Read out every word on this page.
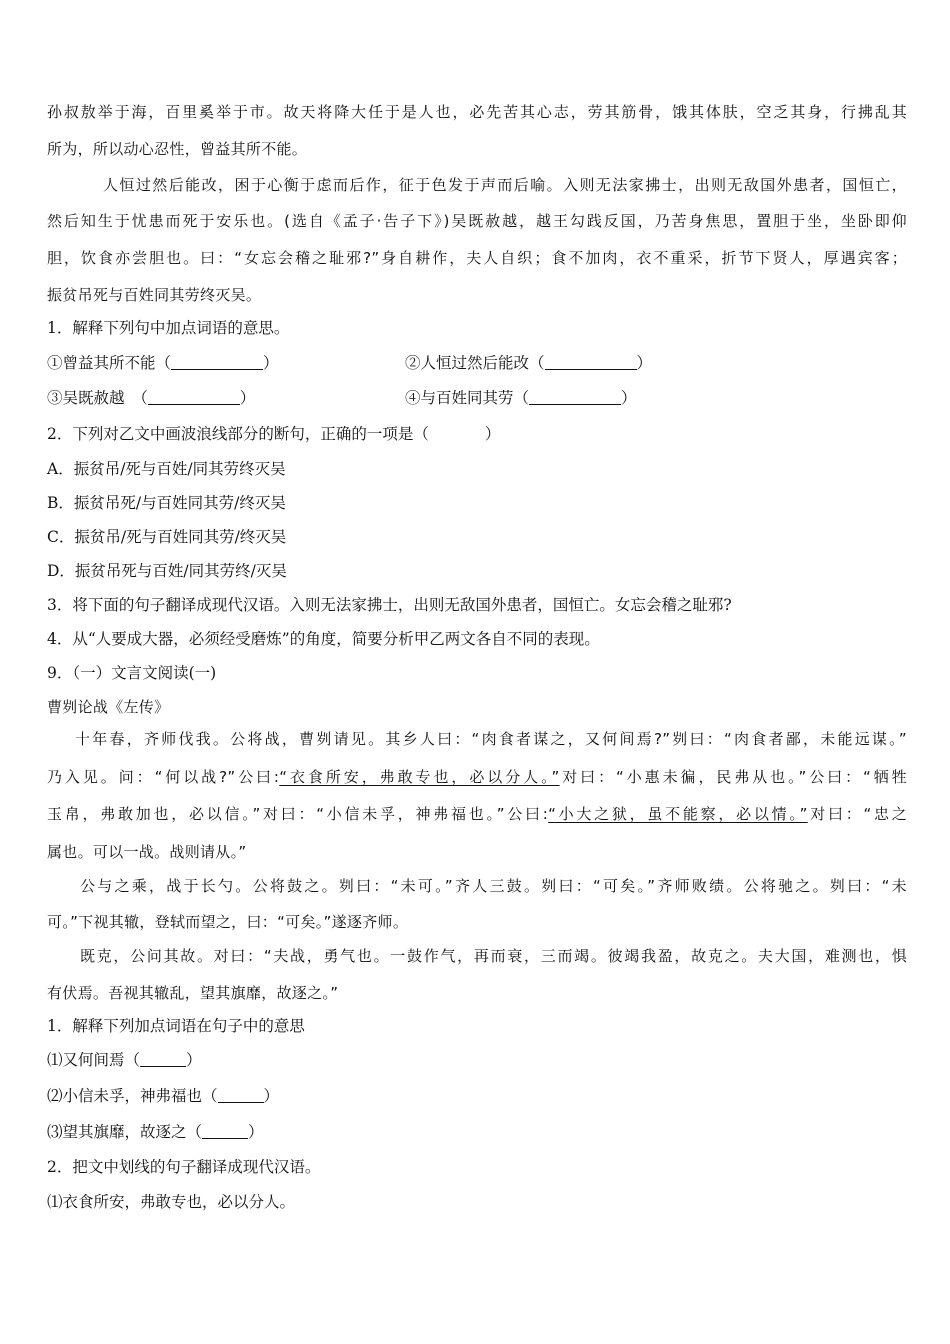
孙叔敖举于海，百里奚举于市。故天将降大任于是人也，必先苦其心志，劳其筋骨，饿其体肤，空乏其身，行拂乱其
所为，所以动心忍性，曾益其所不能。
人恒过然后能改，困于心衡于虑而后作，征于色发于声而后喻。入则无法家拂士，出则无敌国外患者，国恒亡，
然后知生于忧患而死于安乐也。(选自《孟子·告子下》)吴既赦越，越王勾践反国，乃苦身焦思，置胆于坐，坐卧即仰
胆，饮食亦尝胆也。曰：“女忘会稽之耻邪?”身自耕作，夫人自织；食不加肉，衣不重采，折节下贤人，厚遇宾客；
振贫吊死与百姓同其劳终灭吴。
1．解释下列句中加点词语的意思。
①曾益其所不能（	）	②人恒过然后能改（	）
③吴既赦越　（	）	④与百姓同其劳（	）
2．下列对乙文中画波浪线部分的断句，正确的一项是（	）
A．振贫吊/死与百姓/同其劳终灭吴
B．振贫吊死/与百姓同其劳/终灭吴
C．振贫吊/死与百姓同其劳/终灭吴
D．振贫吊死与百姓/同其劳终/灭吴
3．将下面的句子翻译成现代汉语。入则无法家拂士，出则无敌国外患者，国恒亡。女忘会稽之耻邪?
4．从“人要成大器，必须经受磨炼”的角度，简要分析甲乙两文各自不同的表现。
9．（一）文言文阅读(一)
曹刿论战《左传》
十年春，齐师伐我。公将战，曹刿请见。其乡人曰：“肉食者谋之，又何间焉?”刿曰：“肉食者鄙，未能远谋。”
乃入见。问：“何以战?”公曰:“衣食所安，弗敢专也，必以分人。”对曰：“小惠未徧，民弗从也。”公曰：“牺牲
玉帛，弗敢加也，必以信。”对曰：“小信未孚，神弗福也。”公曰:“小大之狱，虽不能察，必以情。”对曰：“忠之
属也。可以一战。战则请从。”
公与之乘，战于长勺。公将鼓之。刿曰：“未可。”齐人三鼓。刿曰：“可矣。”齐师败绩。公将驰之。刿曰：“未
可。”下视其辙，登轼而望之，曰：“可矣。”遂逐齐师。
既克，公问其故。对曰：“夫战，勇气也。一鼓作气，再而衰，三而竭。彼竭我盈，故克之。夫大国，难测也，惧
有伏焉。吾视其辙乱，望其旗靡，故逐之。”
1．解释下列加点词语在句子中的意思
⑴又何间焉（	）
⑵小信未孚，神弗福也（	）
⑶望其旗靡，故逐之（	）
2．把文中划线的句子翻译成现代汉语。
⑴衣食所安，弗敢专也，必以分人。
